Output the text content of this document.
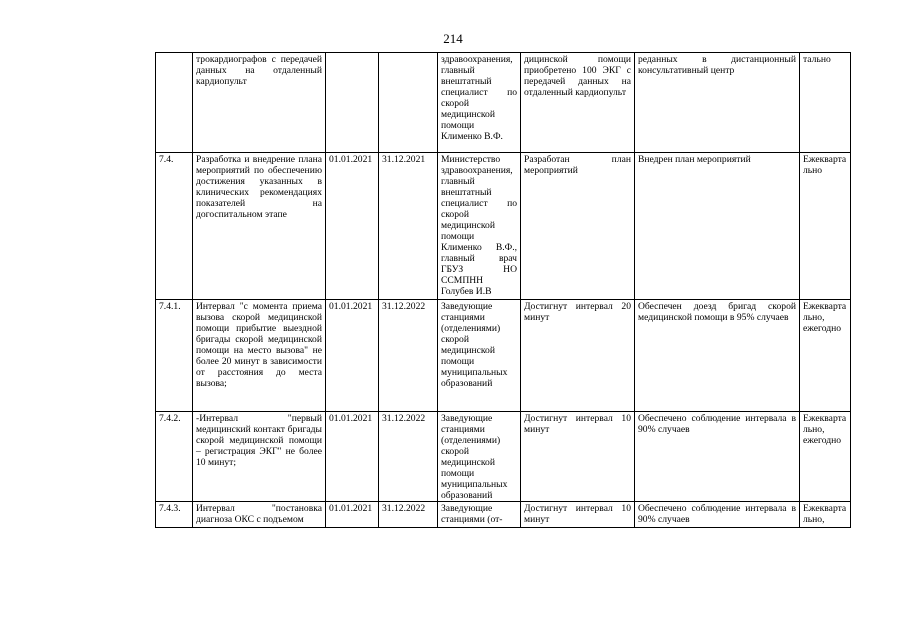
214
	трокардиографов с передачей данных на отдаленный кардиопульт			здравоохранения, главный внештатный специалист по скорой медицинской помощи Клименко В.Ф.	дицинской помощи приобретено 100 ЭКГ с передачей данных на отдаленный кардиопульт	реданных в дистанционный консультативный центр	тально
7.4.	Разработка и внедрение плана мероприятий по обеспечению достижения указанных в клинических рекомендациях показателей на догоспитальном этапе	01.01.2021	31.12.2021	Министерство здравоохранения, главный внештатный специалист по скорой медицинской помощи Клименко В.Ф., главный врач ГБУЗ НО ССМПНН Голубев И.В	Разработан план мероприятий	Внедрен план мероприятий	Ежеквартально
7.4.1.	Интервал "с момента приема вызова скорой медицинской помощи прибытие выездной бригады скорой медицинской помощи на место вызова" не более 20 минут в зависимости от расстояния до места вызова;	01.01.2021	31.12.2022	Заведующие станциями (отделениями) скорой медицинской помощи муниципальных образований	Достигнут интервал 20 минут	Обеспечен доезд бригад скорой медицинской помощи в 95% случаев	Ежеквартально, ежегодно
7.4.2.	-Интервал "первый медицинский контакт бригады скорой медицинской помощи – регистрация ЭКГ" не более 10 минут;	01.01.2021	31.12.2022	Заведующие станциями (отделениями) скорой медицинской помощи муниципальных образований	Достигнут интервал 10 минут	Обеспечено соблюдение интервала в 90% случаев	Ежеквартально, ежегодно
7.4.3.	Интервал "постановка диагноза ОКС с подъемом	01.01.2021	31.12.2022	Заведующие станциями (от-	Достигнут интервал 10 минут	Обеспечено соблюдение интервала в 90% случаев	Ежеквартально,
